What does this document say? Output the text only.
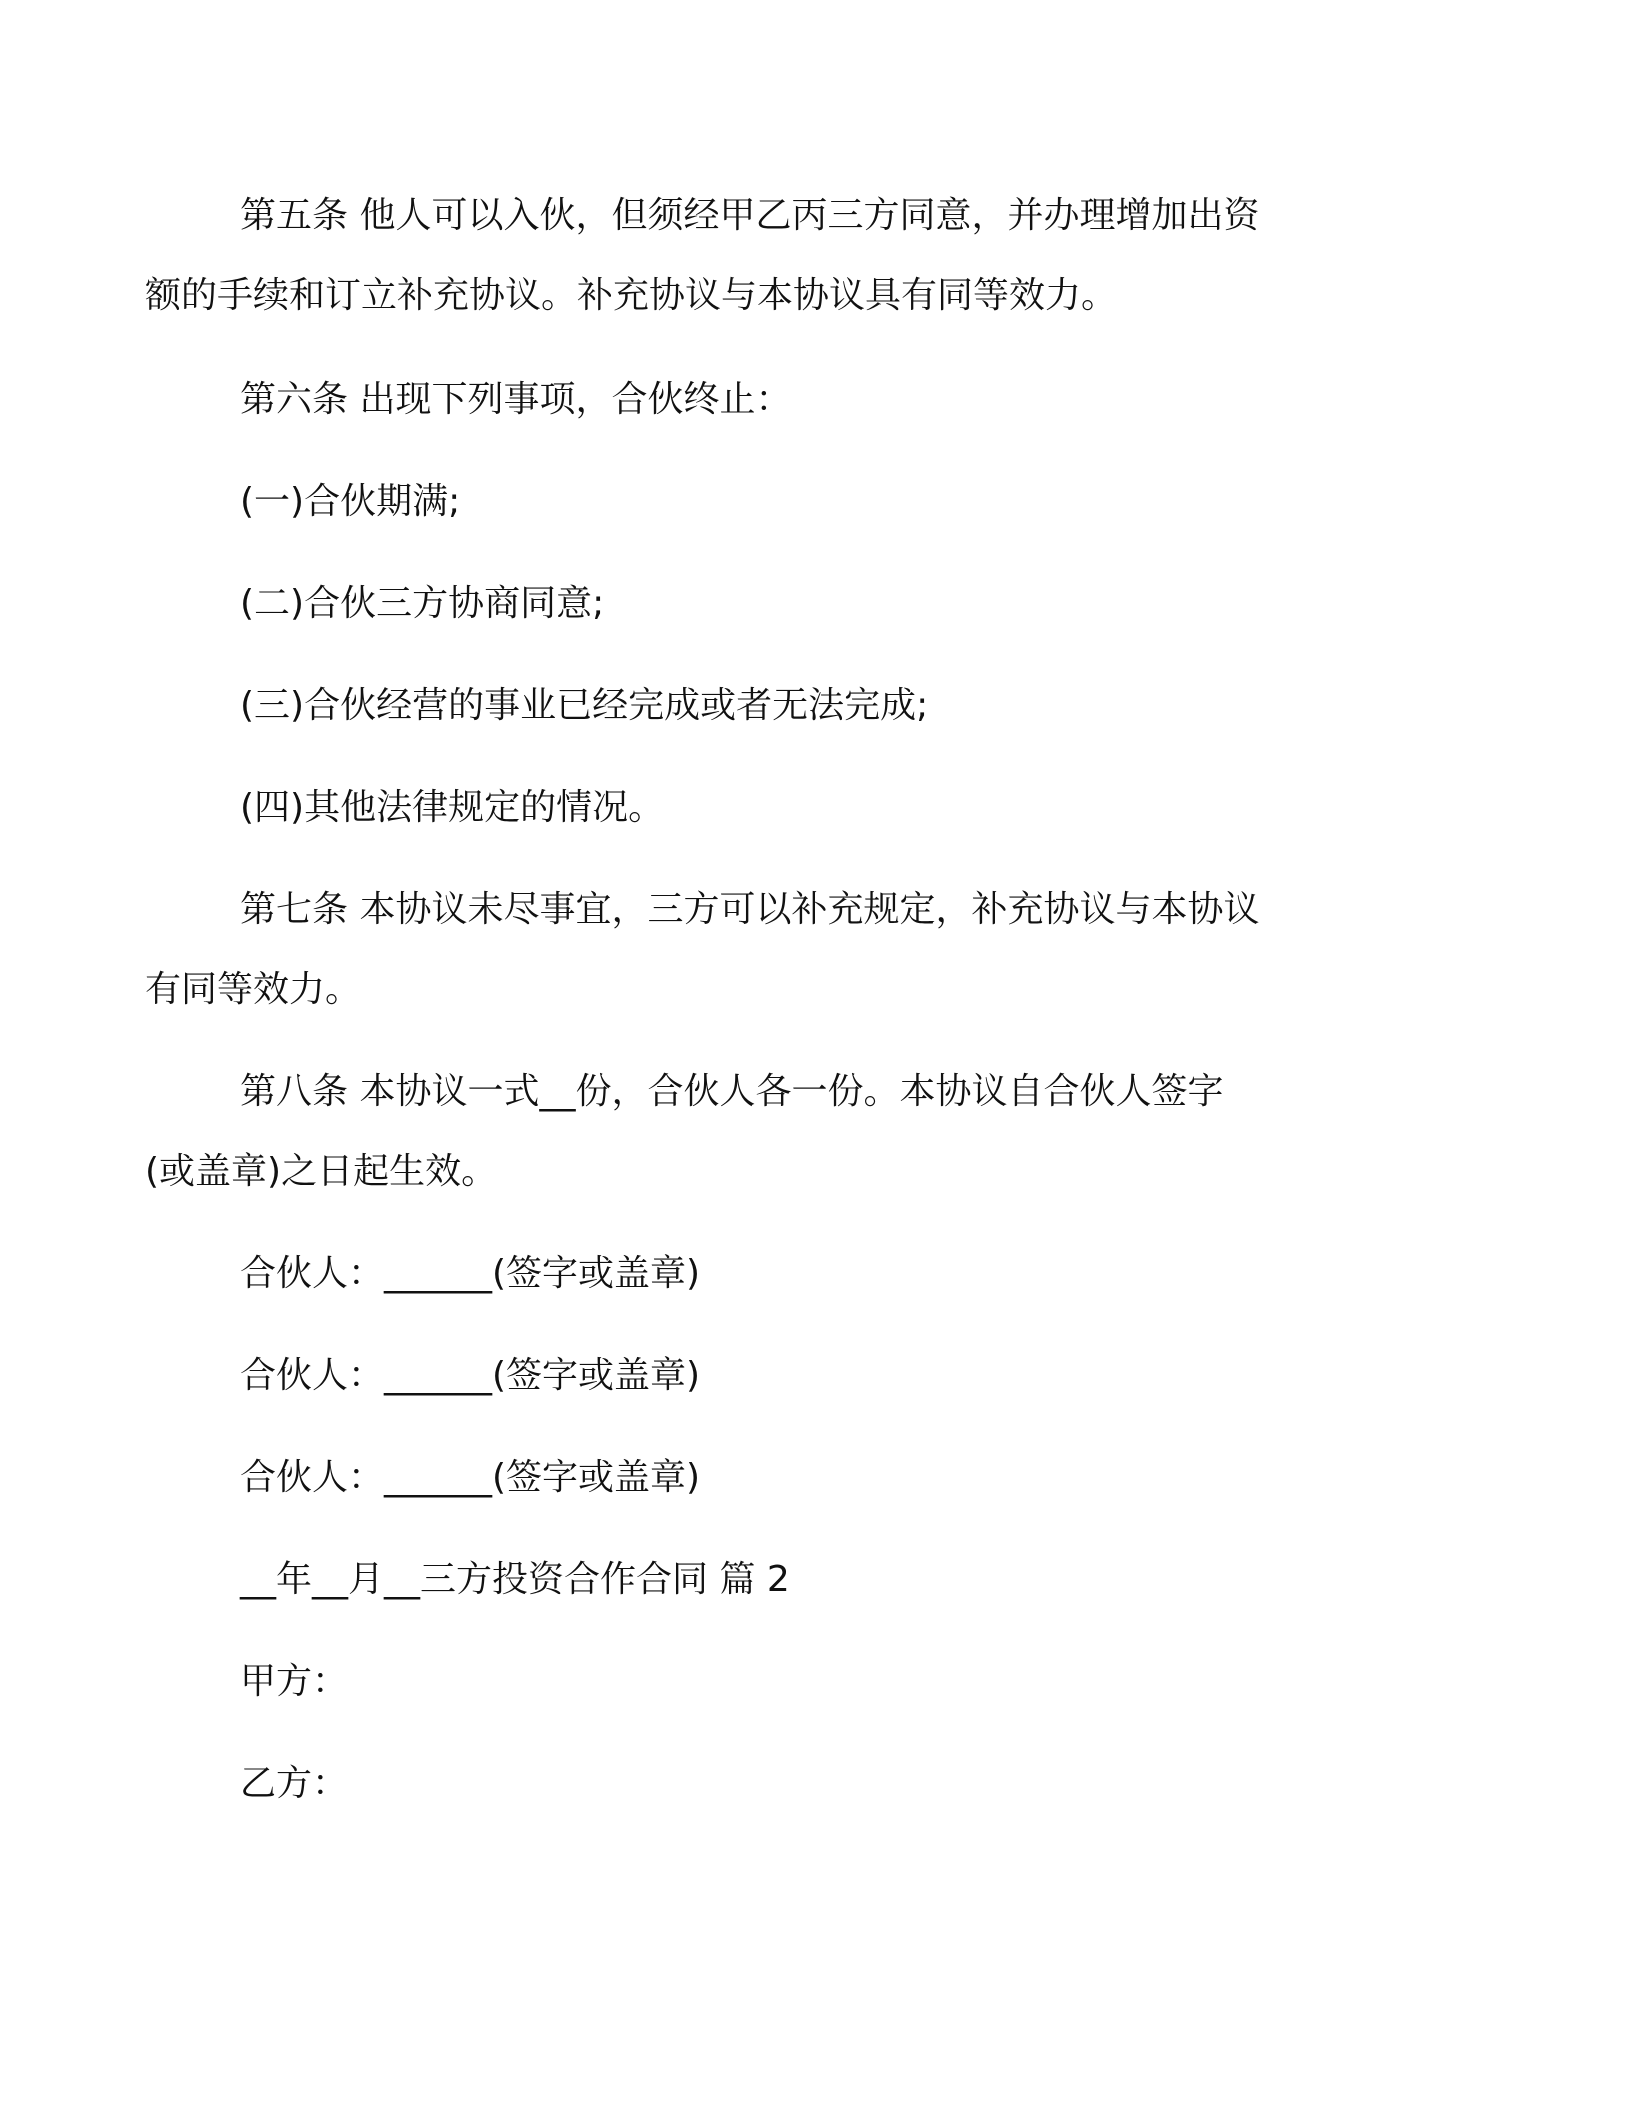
第五条 他人可以入伙，但须经甲乙丙三方同意，并办理增加出资
额的手续和订立补充协议。补充协议与本协议具有同等效力。
第六条 出现下列事项，合伙终止：
(一)合伙期满;
(二)合伙三方协商同意;
(三)合伙经营的事业已经完成或者无法完成;
(四)其他法律规定的情况。
第七条 本协议未尽事宜，三方可以补充规定，补充协议与本协议
有同等效力。
第八条 本协议一式__份，合伙人各一份。本协议自合伙人签字
(或盖章)之日起生效。
合伙人：______(签字或盖章)
合伙人：______(签字或盖章)
合伙人：______(签字或盖章)
__年__月__三方投资合作合同 篇 2
甲方：
乙方：
